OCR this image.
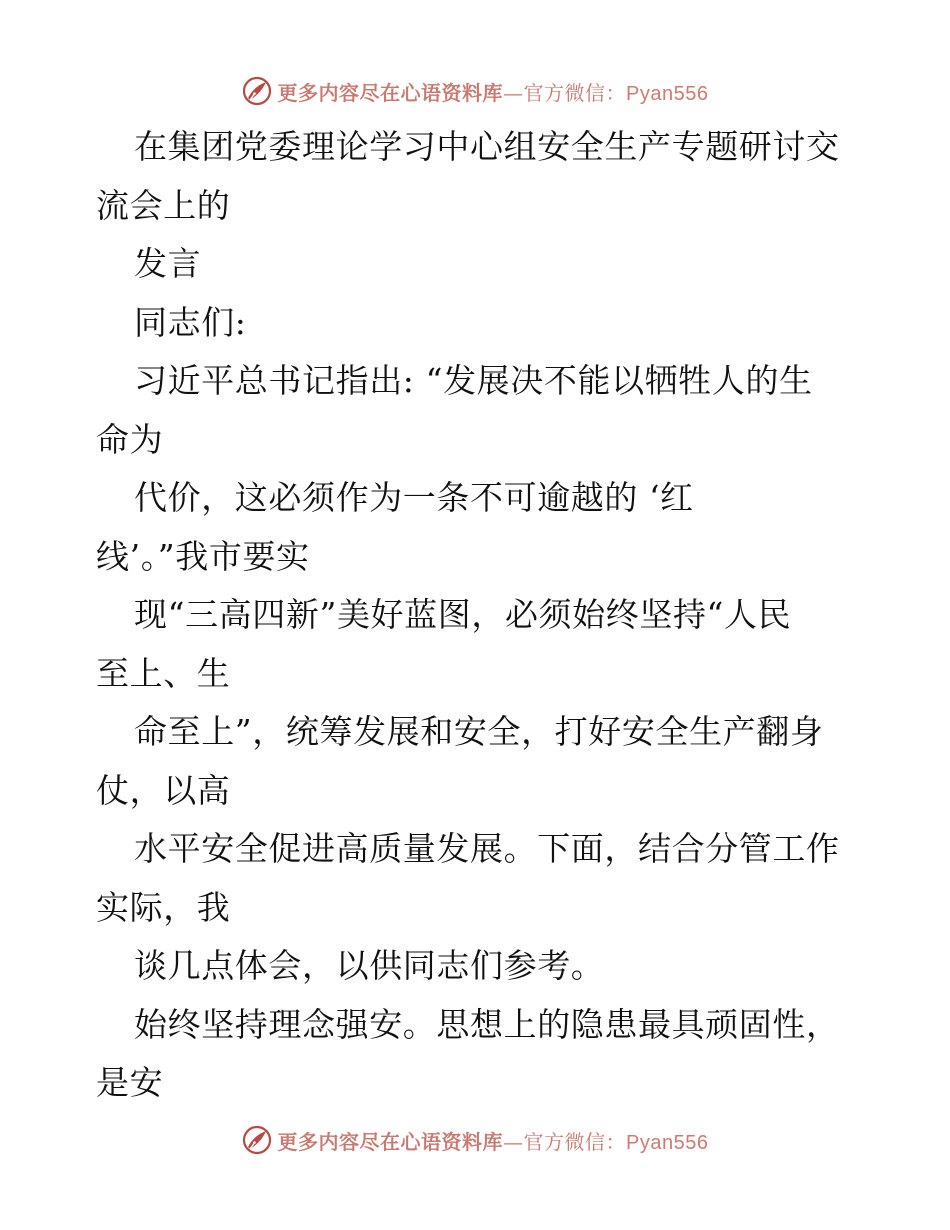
更多内容尽在心语资料库—官方微信：Pyan556
在集团党委理论学习中心组安全生产专题研讨交
流会上的
发言
同志们:
习近平总书记指出: “发展决不能以牺牲人的生
命为
代价，这必须作为一条不可逾越的 ‘红
线’。”我市要实
现“三高四新”美好蓝图，必须始终坚持“人民
至上、生
命至上”，统筹发展和安全，打好安全生产翻身
仗，以高
水平安全促进高质量发展。下面，结合分管工作
实际，我
谈几点体会，以供同志们参考。
始终坚持理念强安。思想上的隐患最具顽固性，
是安
更多内容尽在心语资料库—官方微信：Pyan556
